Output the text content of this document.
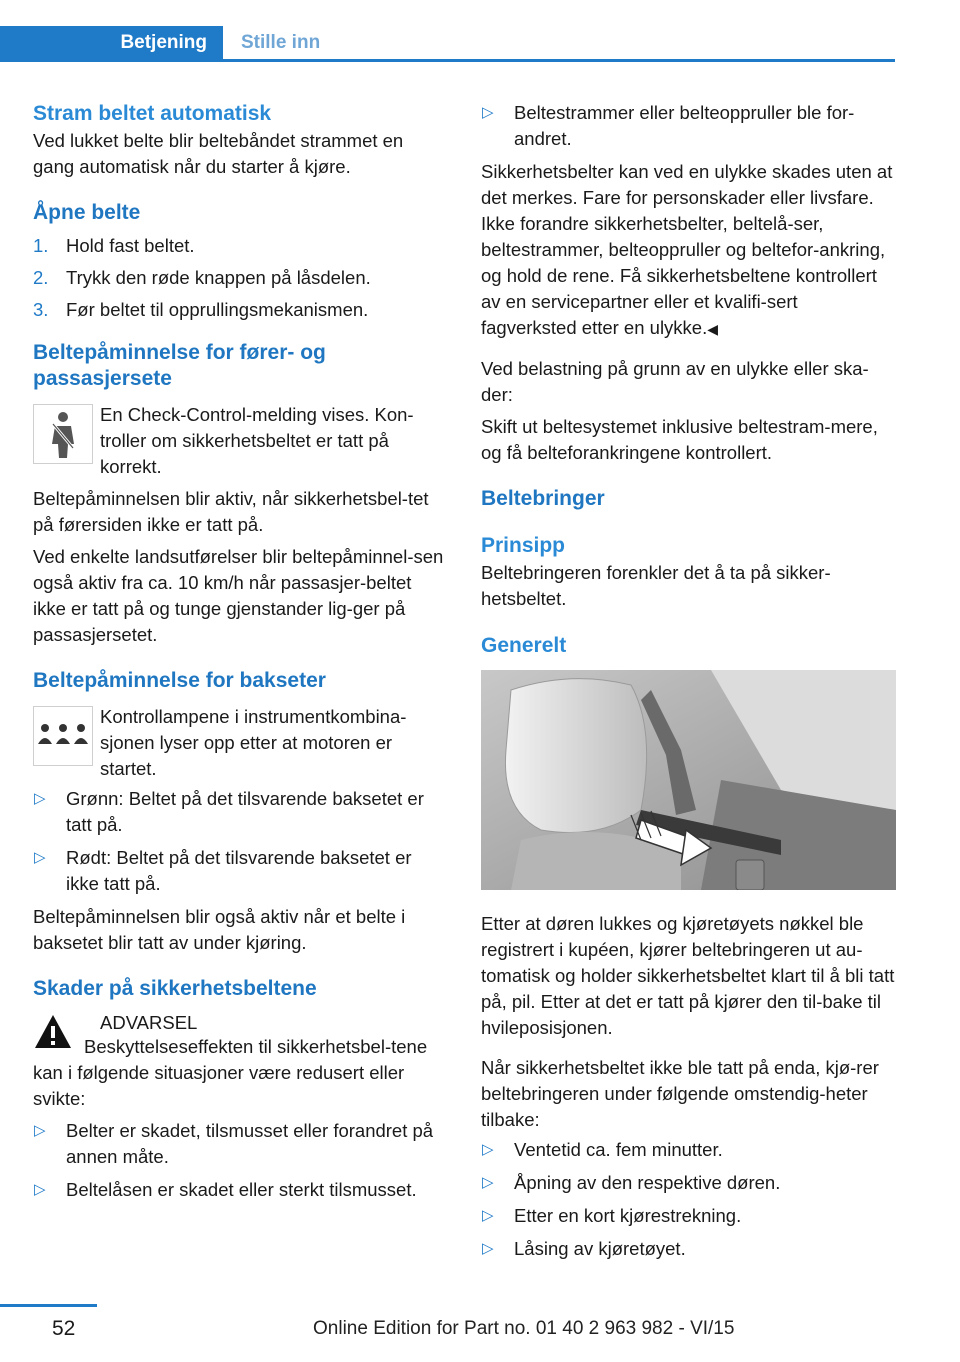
Betjening Stille inn
Stram beltet automatisk

Ved lukket belte blir beltebåndet strammet en gang automatisk når du starter å kjøre.

Åpne belte
1. Hold fast beltet.
2. Trykk den røde knappen på låsdelen.
3. Før beltet til opprullingsmekanismen.
Beltepåminnelse for fører- og passasjersete

En Check-Control-melding vises. Kon-troller om sikkerhetsbeltet er tatt på korrekt.

Beltepåminnelsen blir aktiv, når sikkerhetsbel-tet på førersiden ikke er tatt på.

Ved enkelte landsutførelser blir beltepåminnel-sen også aktiv fra ca. 10 km/h når passasjer-beltet ikke er tatt på og tunge gjenstander lig-ger på passasjersetet.

Beltepåminnelse for bakseter

Kontrollampene i instrumentkombina-sjonen lyser opp etter at motoren er startet.

▷ Grønn: Beltet på det tilsvarende baksetet er tatt på.
▷ Rødt: Beltet på det tilsvarende baksetet er ikke tatt på.

Beltepåminnelsen blir også aktiv når et belte i baksetet blir tatt av under kjøring.

Skader på sikkerhetsbeltene

ADVARSEL

Beskyttelseseffekten til sikkerhetsbel-tene kan i følgende situasjoner være redusert eller svikte:

▷ Belter er skadet, tilsmusset eller forandret på annen måte.
▷ Beltelåsen er skadet eller sterkt tilsmusset.
▷ Beltestrammer eller belteoppruller ble for-andret.

Sikkerhetsbelter kan ved en ulykke skades uten at det merkes. Fare for personskader eller livsfare. Ikke forandre sikkerhetsbelter, beltelå-ser, beltestrammer, belteoppruller og beltefor-ankring, og hold de rene. Få sikkerhetsbeltene kontrollert av en servicepartner eller et kvalifi-sert fagverksted etter en ulykke.◀

Ved belastning på grunn av en ulykke eller ska-der:

Skift ut beltesystemet inklusive beltestram-mere, og få belteforankringene kontrollert.

Beltebringer
Prinsipp

Beltebringeren forenkler det å ta på sikker-hetsbeltet.

Generelt

Etter at døren lukkes og kjøretøyets nøkkel ble registrert i kupéen, kjører beltebringeren ut au-tomatisk og holder sikkerhetsbeltet klart til å bli tatt på, pil. Etter at det er tatt på kjører den til-bake til hvileposisjonen.

Når sikkerhetsbeltet ikke ble tatt på enda, kjø-rer beltebringeren under følgende omstendig-heter tilbake:

▷ Ventetid ca. fem minutter.
▷ Åpning av den respektive døren.
▷ Etter en kort kjørestrekning.
▷ Låsing av kjøretøyet.
52	Online Edition for Part no. 01 40 2 963 982 - VI/15
